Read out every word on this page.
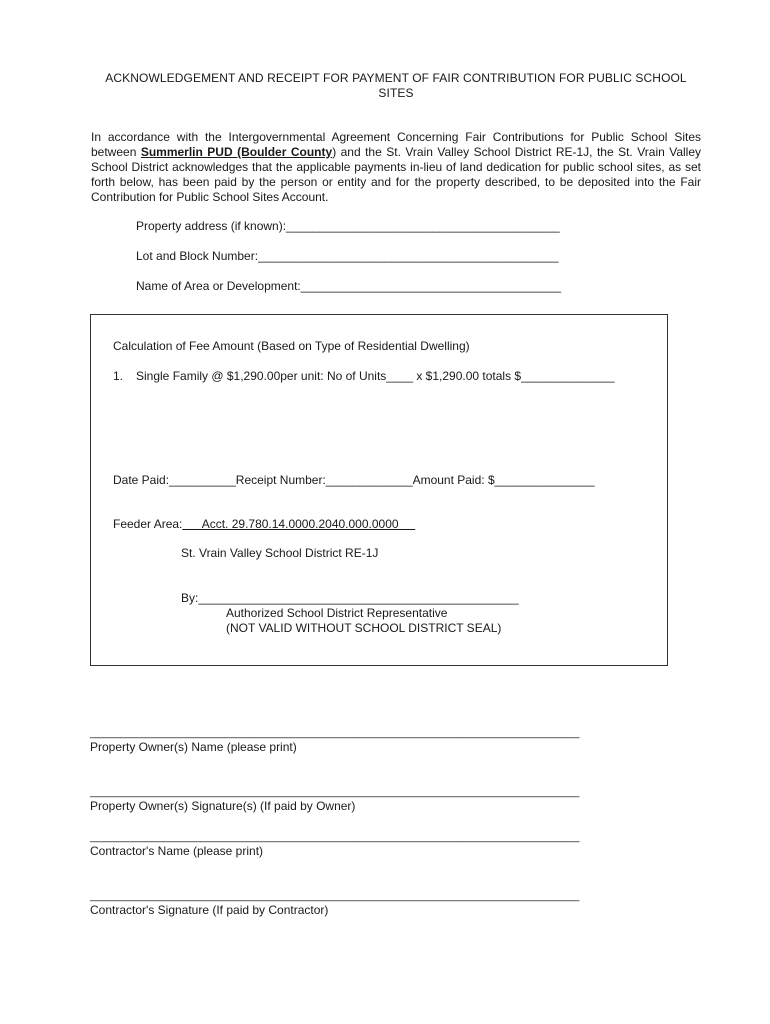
ACKNOWLEDGEMENT AND RECEIPT FOR PAYMENT OF FAIR CONTRIBUTION FOR PUBLIC SCHOOL
SITES
In accordance with the Intergovernmental Agreement Concerning Fair Contributions for Public School Sites between Summerlin PUD (Boulder County) and the St. Vrain Valley School District RE-1J, the St. Vrain Valley School District acknowledges that the applicable payments in-lieu of land dedication for public school sites, as set forth below, has been paid by the person or entity and for the property described, to be deposited into the Fair Contribution for Public School Sites Account.
Property address (if known):_________________________________________
Lot and Block Number:_____________________________________________
Name of Area or Development:_______________________________________
Calculation of Fee Amount (Based on Type of Residential Dwelling)
1. Single Family @ $1,290.00per unit: No of Units____ x $1,290.00 totals $______________
Date Paid:__________Receipt Number:_____________Amount Paid: $_______________
Feeder Area:      Acct. 29.780.14.0000.2040.000.0000
St. Vrain Valley School District RE-1J
By:________________________________________________
Authorized School District Representative
(NOT VALID WITHOUT SCHOOL DISTRICT SEAL)
________________________________________________________________________________
Property Owner(s) Name (please print)
________________________________________________________________________________
Property Owner(s) Signature(s) (If paid by Owner)
________________________________________________________________________________
Contractor's Name (please print)
________________________________________________________________________________
Contractor's Signature (If paid by Contractor)
